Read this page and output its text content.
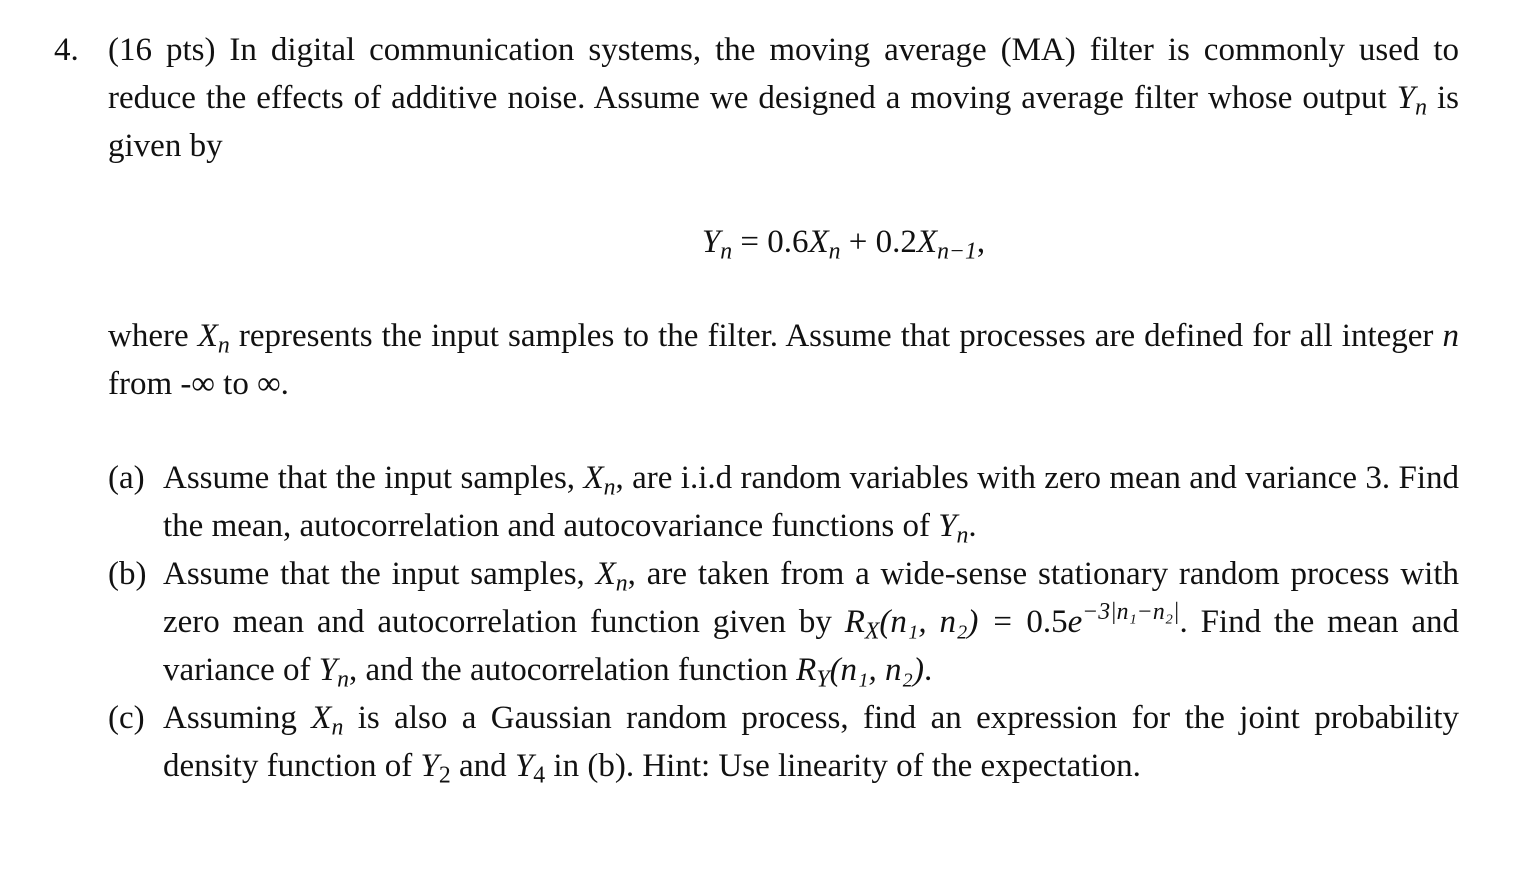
4. (16 pts) In digital communication systems, the moving average (MA) filter is commonly used to reduce the effects of additive noise. Assume we designed a moving average filter whose output $Y_n$ is given by
$Y_n = 0.6X_n + 0.2X_{n-1}$,
where $X_n$ represents the input samples to the filter. Assume that processes are defined for all integer n from -∞ to ∞.
(a) Assume that the input samples, $X_n$, are i.i.d random variables with zero mean and variance 3. Find the mean, autocorrelation and autocovariance functions of $Y_n$.
(b) Assume that the input samples, $X_n$, are taken from a wide-sense stationary random process with zero mean and autocorrelation function given by $R_X(n_1$, $n_2) = 0.5e^{-3|n_1-n_2|}$. Find the mean and variance of $Y_n$, and the autocorrelation function $R_Y(n_1$, n₂).
(c) Assuming $X_n$ is also a Gaussian random process, find an expression for the joint probability density function of $Y_2$ and $Y_4$ in (b). Hint: Use linearity of the expectation.
